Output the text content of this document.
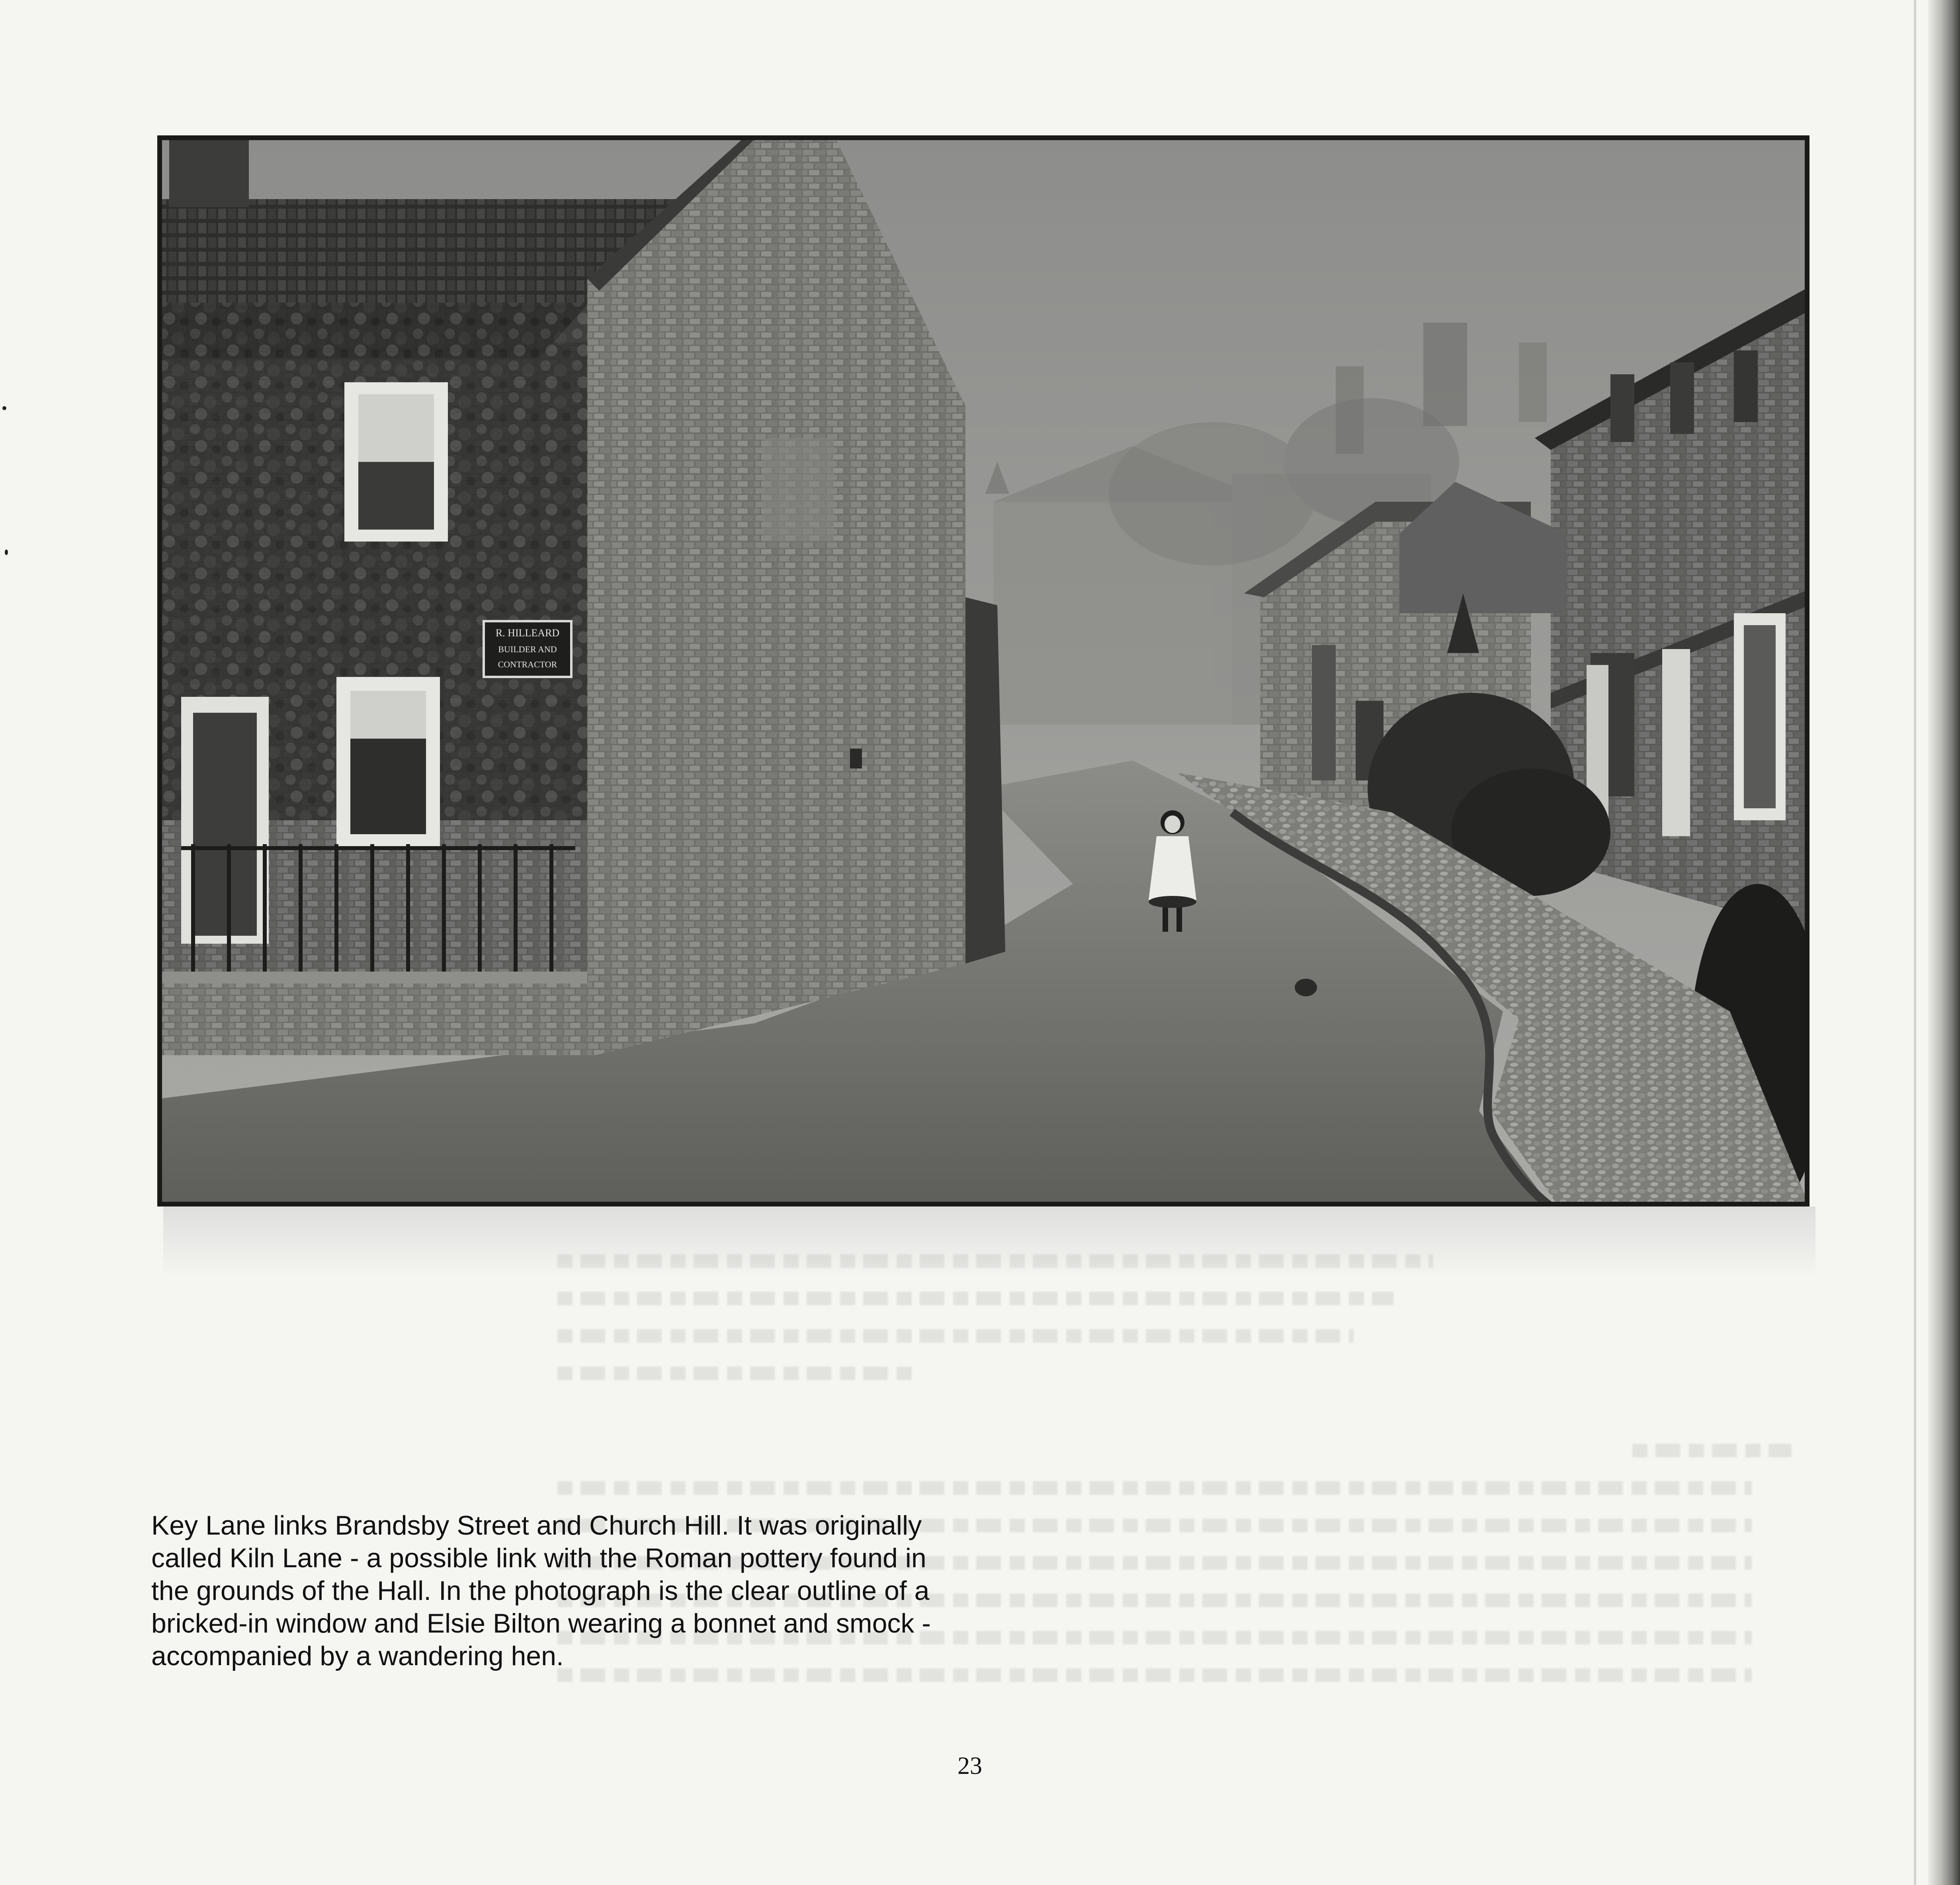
R. HILLEARD
BUILDER AND
CONTRACTOR

Key Lane links Brandsby Street and Church Hill. It was originally
called Kiln Lane - a possible link with the Roman pottery found in
the grounds of the Hall. In the photograph is the clear outline of a
bricked-in window and Elsie Bilton wearing a bonnet and smock -
accompanied by a wandering hen.

23
